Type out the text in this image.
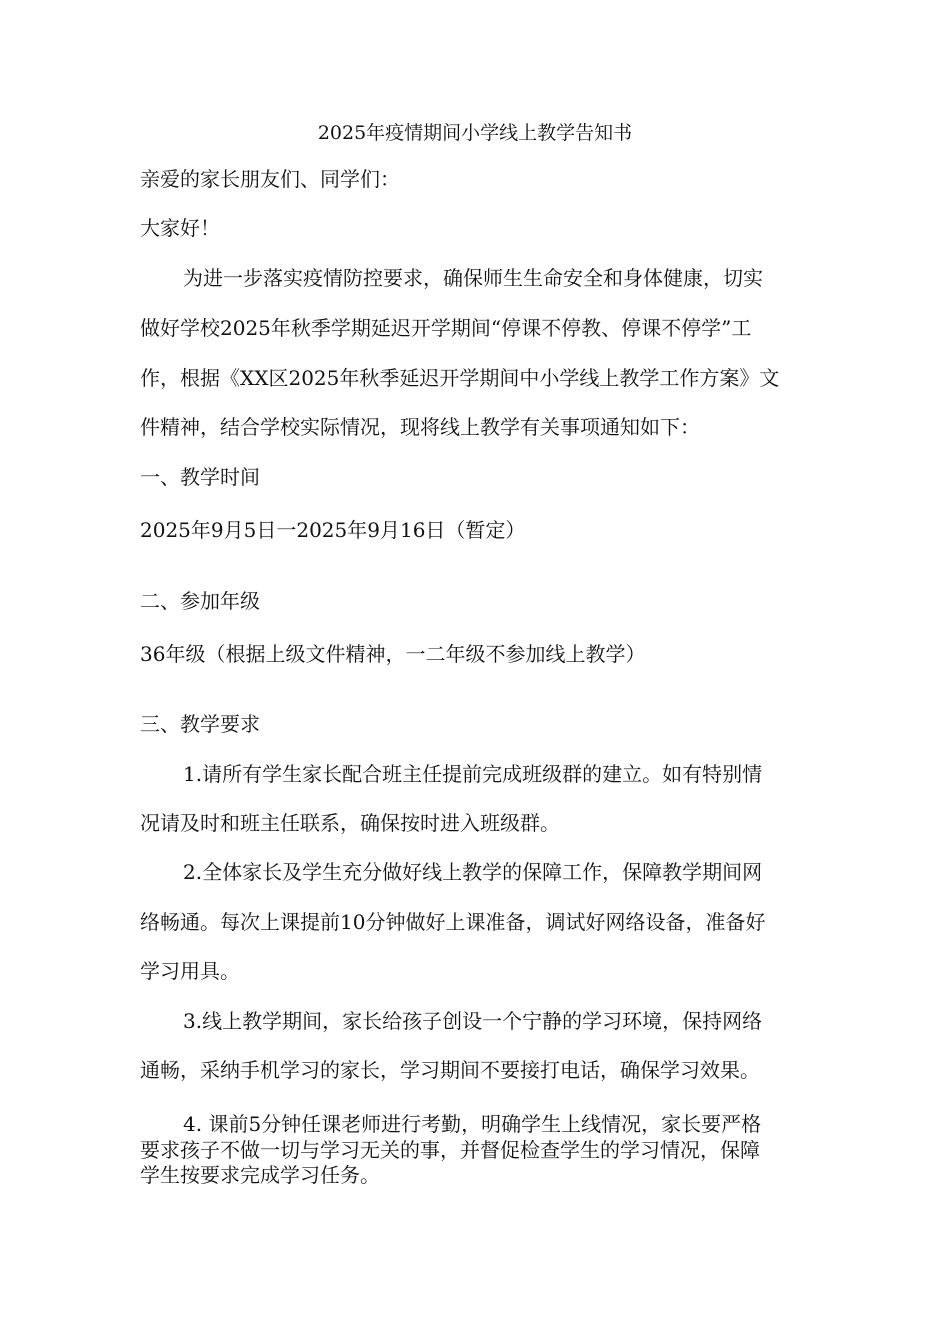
2025年疫情期间小学线上教学告知书
亲爱的家长朋友们、同学们：
大家好！
为进一步落实疫情防控要求，确保师生生命安全和身体健康，切实
做好学校2025年秋季学期延迟开学期间“停课不停教、停课不停学”工
作，根据《XX区2025年秋季延迟开学期间中小学线上教学工作方案》文
件精神，结合学校实际情况，现将线上教学有关事项通知如下：
一、教学时间
2025年9月5日一2025年9月16日（暂定）
二、参加年级
36年级（根据上级文件精神，一二年级不参加线上教学）
三、教学要求
1.请所有学生家长配合班主任提前完成班级群的建立。如有特别情
况请及时和班主任联系，确保按时进入班级群。
2.全体家长及学生充分做好线上教学的保障工作，保障教学期间网
络畅通。每次上课提前10分钟做好上课准备，调试好网络设备，准备好
学习用具。
3.线上教学期间，家长给孩子创设一个宁静的学习环境，保持网络
通畅，采纳手机学习的家长，学习期间不要接打电话，确保学习效果。
4. 课前5分钟任课老师进行考勤，明确学生上线情况，家长要严格
要求孩子不做一切与学习无关的事，并督促检查学生的学习情况，保障
学生按要求完成学习任务。
